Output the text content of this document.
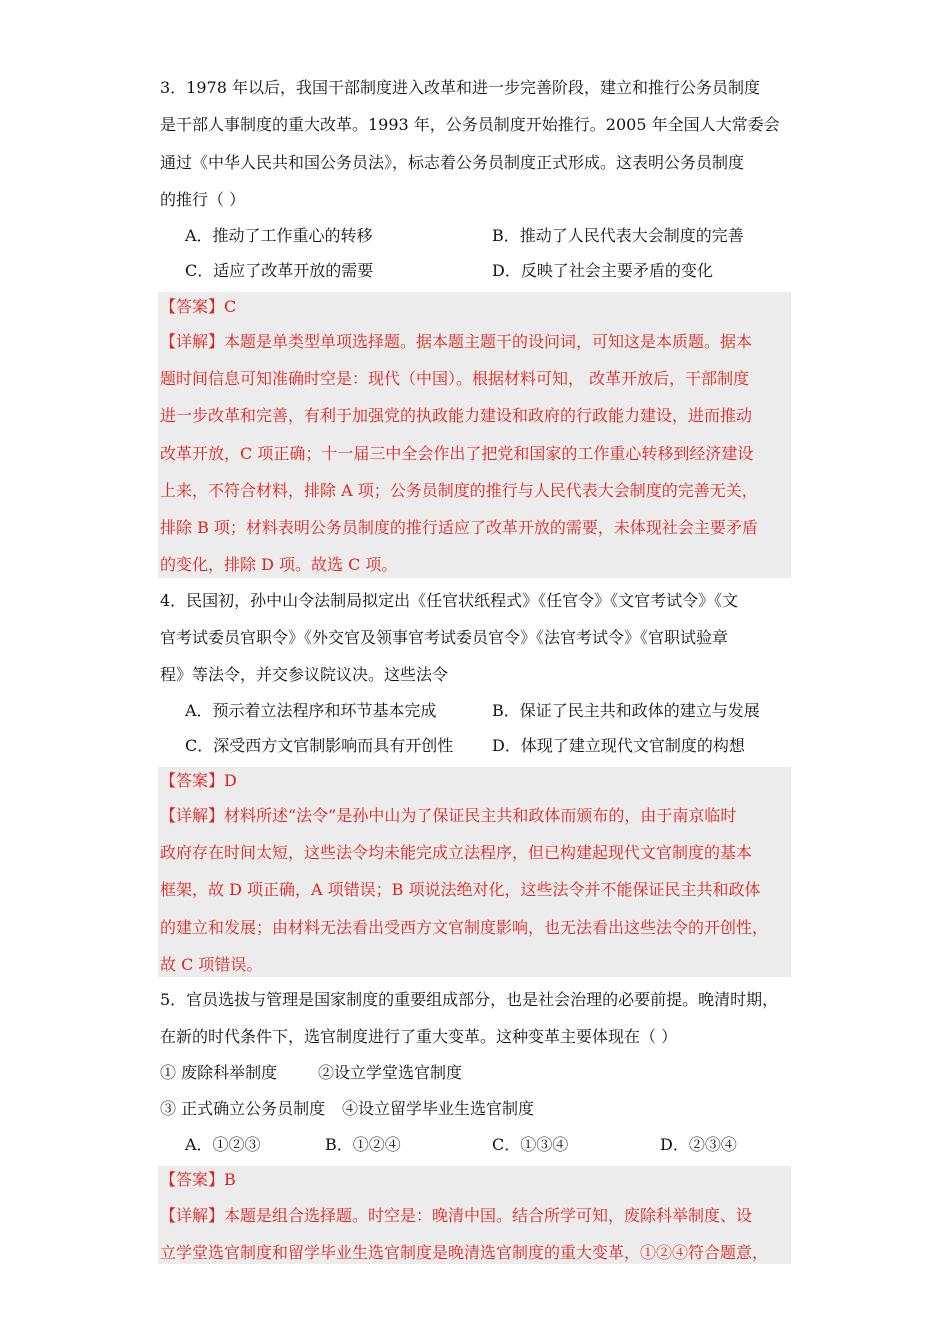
3．1978 年以后，我国干部制度进入改革和进一步完善阶段，建立和推行公务员制度
是干部人事制度的重大改革。1993 年，公务员制度开始推行。2005 年全国人大常委会
通过《中华人民共和国公务员法》，标志着公务员制度正式形成。这表明公务员制度
的推行（ ）
A．推动了工作重心的转移	B．推动了人民代表大会制度的完善
C．适应了改革开放的需要	D．反映了社会主要矛盾的变化
【答案】C
【详解】本题是单类型单项选择题。据本题主题干的设问词，可知这是本质题。据本
题时间信息可知准确时空是：现代（中国）。根据材料可知， 改革开放后，干部制度
进一步改革和完善，有利于加强党的执政能力建设和政府的行政能力建设，进而推动
改革开放，C 项正确；十一届三中全会作出了把党和国家的工作重心转移到经济建设
上来，不符合材料，排除 A 项；公务员制度的推行与人民代表大会制度的完善无关，
排除 B 项；材料表明公务员制度的推行适应了改革开放的需要，未体现社会主要矛盾
的变化，排除 D 项。故选 C 项。
4．民国初，孙中山令法制局拟定出《任官状纸程式》《任官令》《文官考试令》《文
官考试委员官职令》《外交官及领事官考试委员官令》《法官考试令》《官职试验章
程》等法令，并交参议院议决。这些法令
A．预示着立法程序和环节基本完成	B．保证了民主共和政体的建立与发展
C．深受西方文官制影响而具有开创性 D．体现了建立现代文官制度的构想
【答案】D
【详解】材料所述“法令”是孙中山为了保证民主共和政体而颁布的，由于南京临时
政府存在时间太短，这些法令均未能完成立法程序，但已构建起现代文官制度的基本
框架，故 D 项正确，A 项错误；B 项说法绝对化，这些法令并不能保证民主共和政体
的建立和发展；由材料无法看出受西方文官制度影响，也无法看出这些法令的开创性，
故 C 项错误。
5．官员选拔与管理是国家制度的重要组成部分，也是社会治理的必要前提。晚清时期，
在新的时代条件下，选官制度进行了重大变革。这种变革主要体现在（ ）
① 废除科举制度	②设立学堂选官制度
③ 正式确立公务员制度 ④设立留学毕业生选官制度
A．①②③	B．①②④	C．①③④	D．②③④
【答案】B
【详解】本题是组合选择题。时空是：晚清中国。结合所学可知，废除科举制度、设
立学堂选官制度和留学毕业生选官制度是晚清选官制度的重大变革，①②④符合题意，
